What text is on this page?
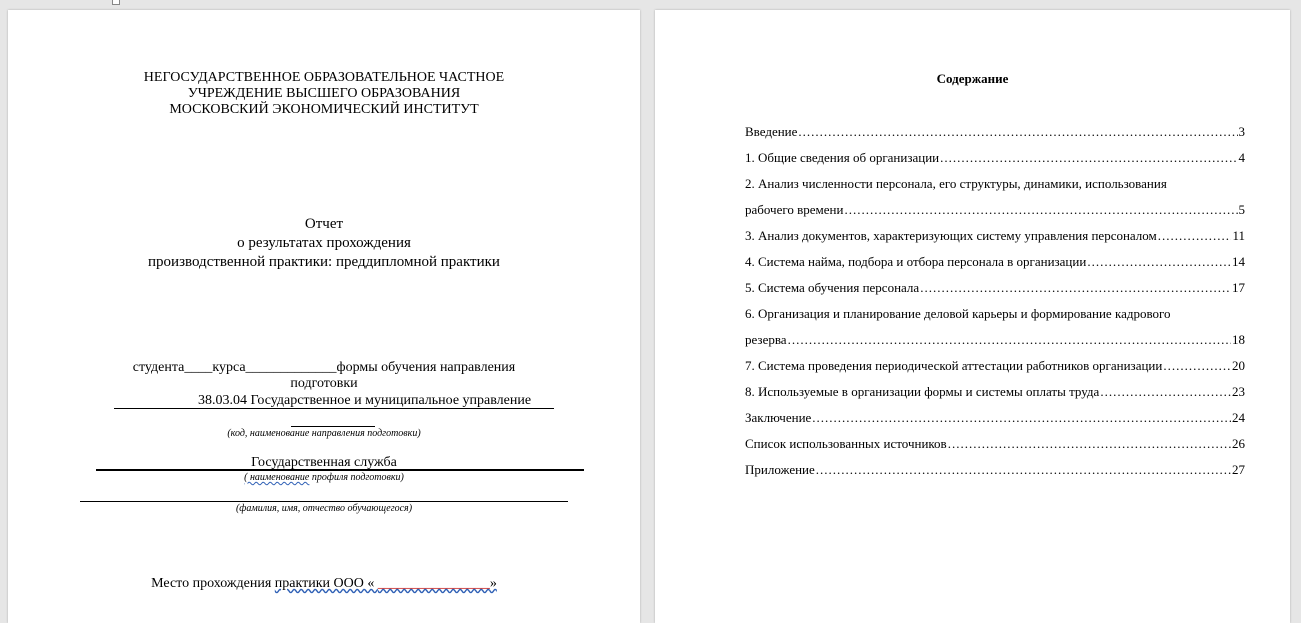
НЕГОСУДАРСТВЕННОЕ ОБРАЗОВАТЕЛЬНОЕ ЧАСТНОЕ
УЧРЕЖДЕНИЕ ВЫСШЕГО ОБРАЗОВАНИЯ
МОСКОВСКИЙ ЭКОНОМИЧЕСКИЙ ИНСТИТУТ
Отчет
о результатах прохождения
производственной практики: преддипломной практики
студента____курса_____________формы обучения направления
подготовки
38.03.04 Государственное и муниципальное управление
(код, наименование направления подготовки)
Государственная служба
( наименование профиля подготовки)
(фамилия, имя, отчество обучающегося)
Место прохождения практики ООО « ________________»
Содержание
Введение .....	3
1. Общие сведения об организации .....	4
2. Анализ численности персонала, его структуры, динамики, использования
рабочего времени .....	5
3. Анализ документов, характеризующих систему управления персоналом .....	11
4. Система найма, подбора и отбора персонала в организации .....	14
5. Система обучения персонала .....	17
6. Организация и планирование деловой карьеры и формирование кадрового
резерва .....	18
7. Система проведения периодической аттестации работников организации .....	20
8. Используемые в организации формы и системы оплаты труда .....	23
Заключение .....	24
Список использованных источников .....	26
Приложение .....	27
